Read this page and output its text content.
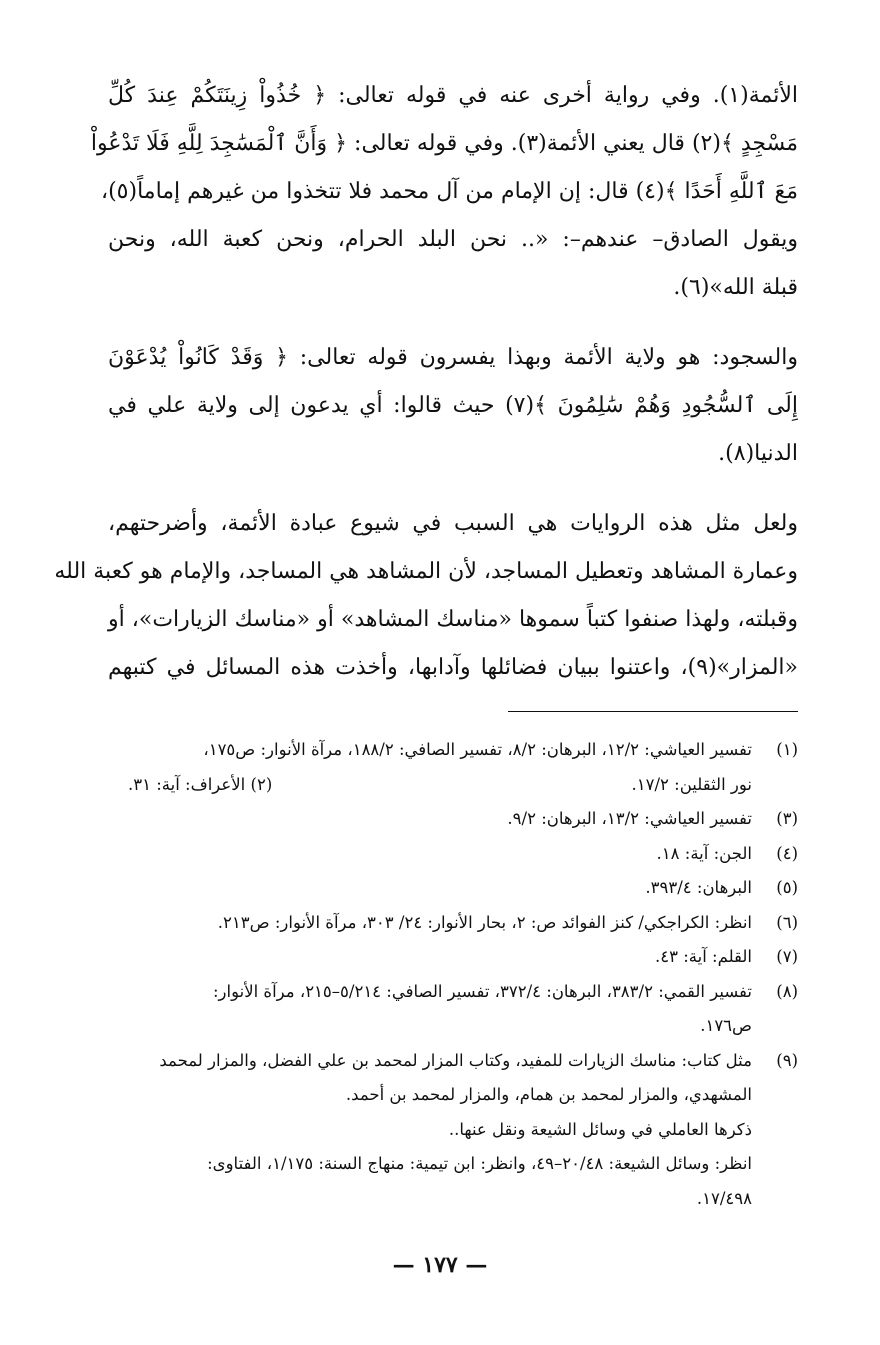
الأئمة(١). وفي رواية أخرى عنه في قوله تعالى: ﴿ خُذُواْ زِينَتَكُمْ عِندَ كُلِّ
مَسْجِدٍ ﴾(٢) قال يعني الأئمة(٣). وفي قوله تعالى: ﴿ وَأَنَّ ٱلْمَسَٰجِدَ لِلَّهِ فَلَا تَدْعُواْ
مَعَ ٱللَّهِ أَحَدًا ﴾(٤) قال: إن الإمام من آل محمد فلا تتخذوا من غيرهم إماماً(٥)،
ويقول الصادق– عندهم–: «.. نحن البلد الحرام، ونحن كعبة الله، ونحن
قبلة الله»(٦).
والسجود: هو ولاية الأئمة وبهذا يفسرون قوله تعالى: ﴿ وَقَدْ كَانُواْ يُدْعَوْنَ
إِلَى ٱلسُّجُودِ وَهُمْ سَٰلِمُونَ ﴾(٧) حيث قالوا: أي يدعون إلى ولاية علي في
الدنيا(٨).
ولعل مثل هذه الروايات هي السبب في شيوع عبادة الأئمة، وأضرحتهم،
وعمارة المشاهد وتعطيل المساجد، لأن المشاهد هي المساجد، والإمام هو كعبة الله
وقبلته، ولهذا صنفوا كتباً سموها «مناسك المشاهد» أو «مناسك الزيارات»، أو
«المزار»(٩)، واعتنوا ببيان فضائلها وآدابها، وأخذت هذه المسائل في كتبهم
(١)
تفسير العياشي: ١٢/٢، البرهان: ٨/٢، تفسير الصافي: ١٨٨/٢، مرآة الأنوار: ص١٧٥،
نور الثقلين: ١٧/٢.
(٢) الأعراف: آية: ٣١.
(٣)
تفسير العياشي: ١٣/٢، البرهان: ٩/٢.
(٤)
الجن: آية: ١٨.
(٥)
البرهان: ٣٩٣/٤.
(٦)
انظر: الكراجكي/ كنز الفوائد ص: ٢، بحار الأنوار: ٢٤/ ٣٠٣، مرآة الأنوار: ص٢١٣.
(٧)
القلم: آية: ٤٣.
(٨)
تفسير القمي: ٣٨٣/٢، البرهان: ٣٧٢/٤، تفسير الصافي: ٥/٢١٤–٢١٥، مرآة الأنوار:
ص١٧٦.
(٩)
مثل كتاب: مناسك الزيارات للمفيد، وكتاب المزار لمحمد بن علي الفضل، والمزار لمحمد
المشهدي، والمزار لمحمد بن همام، والمزار لمحمد بن أحمد.
ذكرها العاملي في وسائل الشيعة ونقل عنها..
انظر: وسائل الشيعة: ٢٠/٤٨–٤٩، وانظر: ابن تيمية: منهاج السنة: ١/١٧٥، الفتاوى:
١٧/٤٩٨.
— ١٧٧ —
